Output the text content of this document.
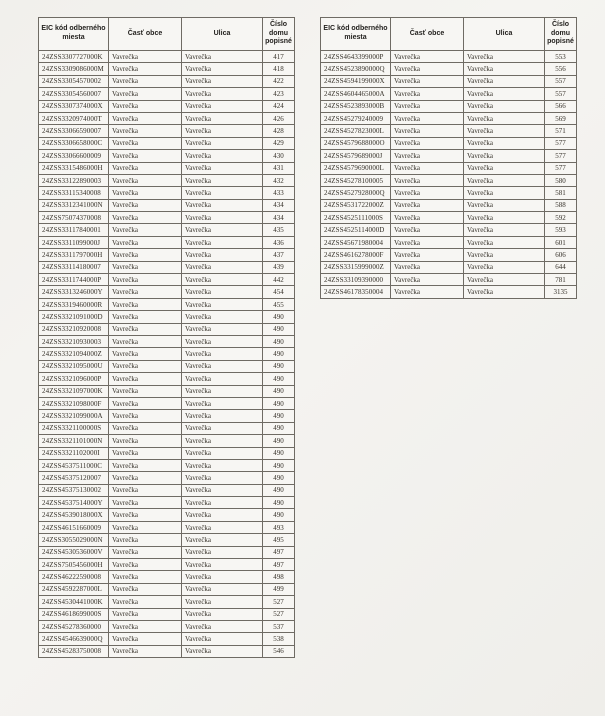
EIC kód odberného miesta	Časť obce	Ulica	Číslo domu popisné
24ZSS3307727000K	Vavrečka	Vavrečka	417
24ZSS3309086000M	Vavrečka	Vavrečka	418
24ZSS33054570002	Vavrečka	Vavrečka	422
24ZSS33054560007	Vavrečka	Vavrečka	423
24ZSS3307374000X	Vavrečka	Vavrečka	424
24ZSS3320974000T	Vavrečka	Vavrečka	426
24ZSS33066590007	Vavrečka	Vavrečka	428
24ZSS3306658000C	Vavrečka	Vavrečka	429
24ZSS33066600009	Vavrečka	Vavrečka	430
24ZSS3315486000H	Vavrečka	Vavrečka	431
24ZSS33122890003	Vavrečka	Vavrečka	432
24ZSS33115340008	Vavrečka	Vavrečka	433
24ZSS3312341000N	Vavrečka	Vavrečka	434
24ZSS75074370008	Vavrečka	Vavrečka	434
24ZSS33117840001	Vavrečka	Vavrečka	435
24ZSS3311099000J	Vavrečka	Vavrečka	436
24ZSS3311797000H	Vavrečka	Vavrečka	437
24ZSS33114180007	Vavrečka	Vavrečka	439
24ZSS3311744000P	Vavrečka	Vavrečka	442
24ZSS3313246000Y	Vavrečka	Vavrečka	454
24ZSS3319460000R	Vavrečka	Vavrečka	455
24ZSS3321091000D	Vavrečka	Vavrečka	490
24ZSS33210920008	Vavrečka	Vavrečka	490
24ZSS33210930003	Vavrečka	Vavrečka	490
24ZSS3321094000Z	Vavrečka	Vavrečka	490
24ZSS3321095000U	Vavrečka	Vavrečka	490
24ZSS3321096000P	Vavrečka	Vavrečka	490
24ZSS3321097000K	Vavrečka	Vavrečka	490
24ZSS3321098000F	Vavrečka	Vavrečka	490
24ZSS3321099000A	Vavrečka	Vavrečka	490
24ZSS3321100000S	Vavrečka	Vavrečka	490
24ZSS3321101000N	Vavrečka	Vavrečka	490
24ZSS3321102000I	Vavrečka	Vavrečka	490
24ZSS4537511000C	Vavrečka	Vavrečka	490
24ZSS45375120007	Vavrečka	Vavrečka	490
24ZSS45375130002	Vavrečka	Vavrečka	490
24ZSS4537514000Y	Vavrečka	Vavrečka	490
24ZSS4539018000X	Vavrečka	Vavrečka	490
24ZSS46151660009	Vavrečka	Vavrečka	493
24ZSS3055029000N	Vavrečka	Vavrečka	495
24ZSS4530536000V	Vavrečka	Vavrečka	497
24ZSS7505456000H	Vavrečka	Vavrečka	497
24ZSS46222590008	Vavrečka	Vavrečka	498
24ZSS4592287000L	Vavrečka	Vavrečka	499
24ZSS4530441000K	Vavrečka	Vavrečka	527
24ZSS4618699000S	Vavrečka	Vavrečka	527
24ZSS45278360000	Vavrečka	Vavrečka	537
24ZSS4546639000Q	Vavrečka	Vavrečka	538
24ZSS45283750008	Vavrečka	Vavrečka	546
EIC kód odberného miesta	Časť obce	Ulica	Číslo domu popisné
24ZSS4643399000P	Vavrečka	Vavrečka	553
24ZSS4523890000Q	Vavrečka	Vavrečka	556
24ZSS4594199000X	Vavrečka	Vavrečka	557
24ZSS4604465000A	Vavrečka	Vavrečka	557
24ZSS4523893000B	Vavrečka	Vavrečka	566
24ZSS45279240009	Vavrečka	Vavrečka	569
24ZSS4527823000L	Vavrečka	Vavrečka	571
24ZSS4579688000O	Vavrečka	Vavrečka	577
24ZSS4579689000J	Vavrečka	Vavrečka	577
24ZSS4579690000L	Vavrečka	Vavrečka	577
24ZSS45278100005	Vavrečka	Vavrečka	580
24ZSS4527928000Q	Vavrečka	Vavrečka	581
24ZSS4531722000Z	Vavrečka	Vavrečka	588
24ZSS4525111000S	Vavrečka	Vavrečka	592
24ZSS4525114000D	Vavrečka	Vavrečka	593
24ZSS45671980004	Vavrečka	Vavrečka	601
24ZSS4616278000F	Vavrečka	Vavrečka	606
24ZSS3315999000Z	Vavrečka	Vavrečka	644
24ZSS33109390000	Vavrečka	Vavrečka	781
24ZSS46178350004	Vavrečka	Vavrečka	3135
